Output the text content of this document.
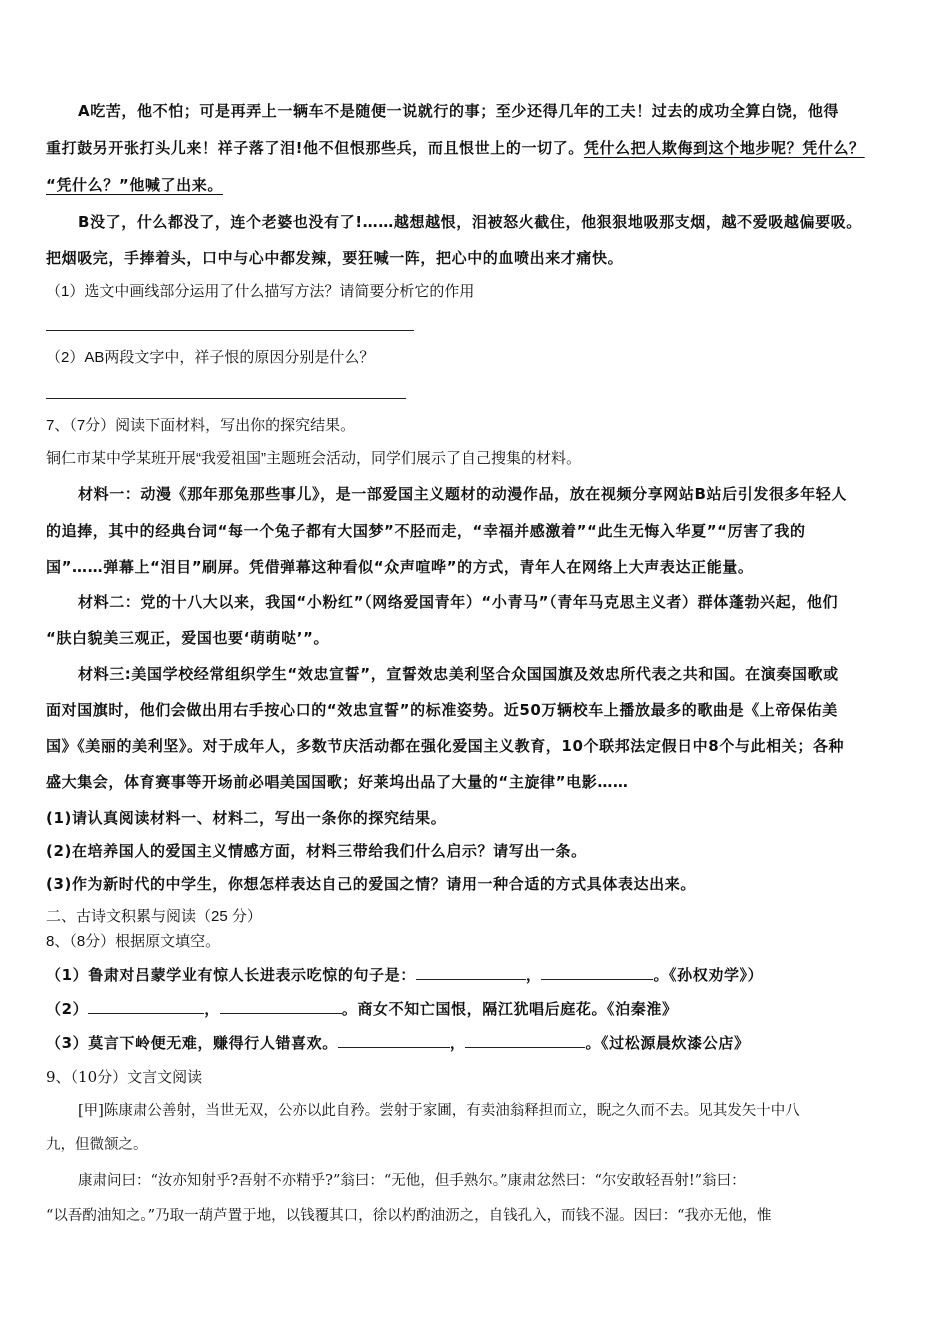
A吃苦，他不怕；可是再弄上一辆车不是随便一说就行的事；至少还得几年的工夫！过去的成功全算白饶，他得
重打鼓另开张打头儿来！祥子落了泪!他不但恨那些兵，而且恨世上的一切了。凭什么把人欺侮到这个地步呢？凭什么？
“凭什么？”他喊了出来。
B没了，什么都没了，连个老婆也没有了!……越想越恨，泪被怒火截住，他狠狠地吸那支烟，越不爱吸越偏要吸。
把烟吸完，手捧着头，口中与心中都发辣，要狂喊一阵，把心中的血喷出来才痛快。
（1）选文中画线部分运用了什么描写方法？请简要分析它的作用
（2）AB两段文字中，祥子恨的原因分别是什么？
7、（7分）阅读下面材料，写出你的探究结果。
铜仁市某中学某班开展“我爱祖国”主题班会活动，同学们展示了自己搜集的材料。
材料一：动漫《那年那兔那些事儿》，是一部爱国主义题材的动漫作品，放在视频分享网站B站后引发很多年轻人
的追捧，其中的经典台词“每一个兔子都有大国梦”不胫而走，“幸福并感激着”“此生无悔入华夏”“厉害了我的
国”……弹幕上“泪目”刷屏。凭借弹幕这种看似“众声喧哗”的方式，青年人在网络上大声表达正能量。
材料二：党的十八大以来，我国“小粉红”（网络爱国青年）“小青马”（青年马克思主义者）群体蓬勃兴起，他们
“肤白貌美三观正，爱国也要‘萌萌哒’”。
材料三:美国学校经常组织学生“效忠宣誓”，宣誓效忠美利坚合众国国旗及效忠所代表之共和国。在演奏国歌或
面对国旗时，他们会做出用右手按心口的“效忠宣誓”的标准姿势。近50万辆校车上播放最多的歌曲是《上帝保佑美
国》《美丽的美利坚》。对于成年人，多数节庆活动都在强化爱国主义教育，10个联邦法定假日中8个与此相关；各种
盛大集会，体育赛事等开场前必唱美国国歌；好莱坞出品了大量的“主旋律”电影……
(1)请认真阅读材料一、材料二，写出一条你的探究结果。
(2)在培养国人的爱国主义情感方面，材料三带给我们什么启示？请写出一条。
(3)作为新时代的中学生，你想怎样表达自己的爱国之情？请用一种合适的方式具体表达出来。
二、古诗文积累与阅读（25 分）
8、（8分）根据原文填空。
（1）鲁肃对吕蒙学业有惊人长进表示吃惊的句子是：	，	。《孙权劝学》）
（2）	，	。商女不知亡国恨，隔江犹唱后庭花。《泊秦淮》
（3）莫言下岭便无难，赚得行人错喜欢。	，	。《过松源晨炊漆公店》
9、（10分）文言文阅读
[甲]陈康肃公善射，当世无双，公亦以此自矜。尝射于家圃，有卖油翁释担而立，睨之久而不去。见其发矢十中八
九，但微颔之。
康肃问曰：“汝亦知射乎?吾射不亦精乎?”翁曰：“无他，但手熟尔。”康肃忿然曰：“尔安敢轻吾射!”翁曰：
“以吾酌油知之。”乃取一葫芦置于地，以钱覆其口，徐以杓酌油沥之，自钱孔入，而钱不湿。因曰：“我亦无他，惟
